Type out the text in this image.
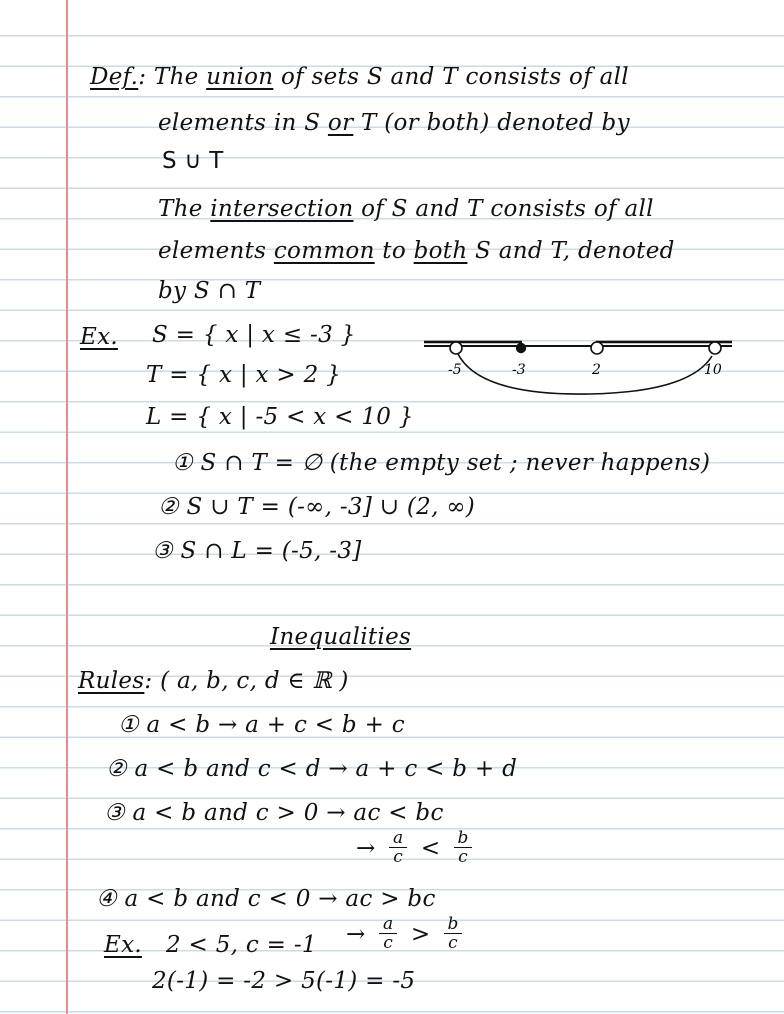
Def.: The union of sets S and T consists of all
elements in S or T (or both) denoted by
S ∪ T
The intersection of S and T consists of all
elements common to both S and T, denoted
by S ∩ T
Ex. S = { x | x ≤ -3 }
T = { x | x > 2 }
L = { x | -5 < x < 10 }
-5	-3	2	10
① S ∩ T = ∅ (the empty set ; never happens)
② S ∪ T = (-∞, -3] ∪ (2, ∞)
③ S ∩ L = (-5, -3]
Inequalities
Rules: ( a, b, c, d ∈ ℝ )
① a < b → a + c < b + c
② a < b and c < d → a + c < b + d
③ a < b and c > 0 → ac < bc
→ $\frac{a}{c} < \frac{b}{c}$
④ a < b and c < 0 → ac > bc
Ex. 2 < 5, $c = -1 \to \frac{a}{c} > \frac{b}{c}$
2(-1) = -2 > 5(-1) = -5
